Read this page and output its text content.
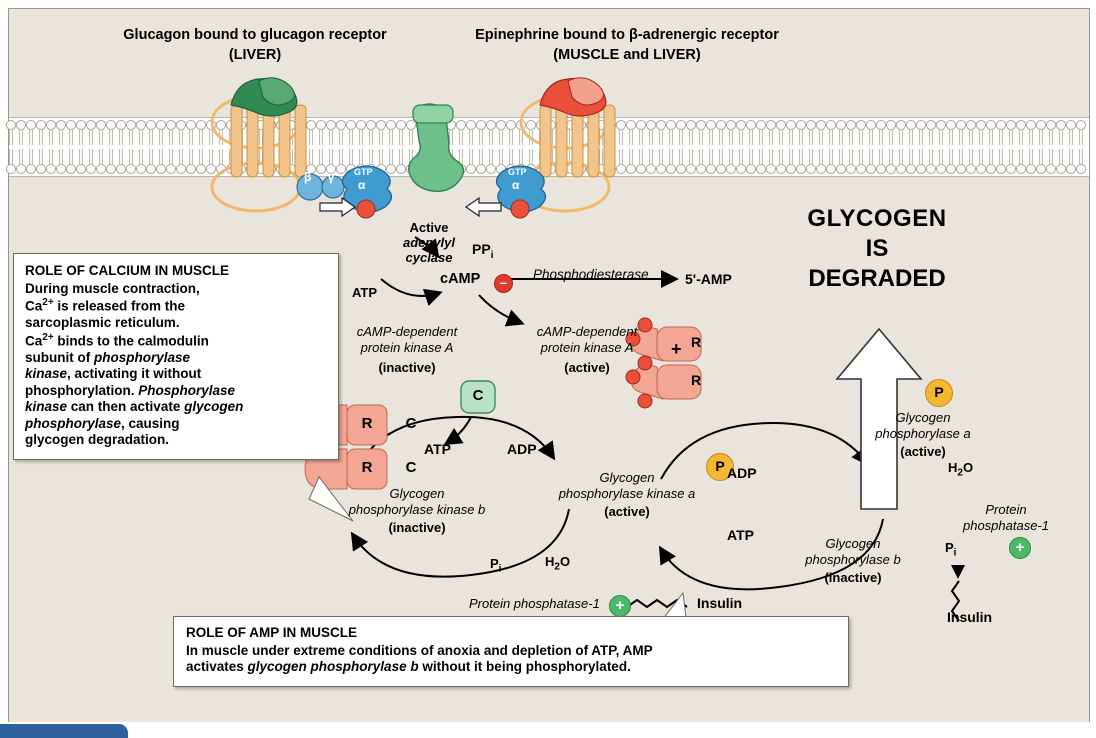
Glucagon bound to glucagon receptor
(LIVER)
Epinephrine bound to β-adrenergic receptor
(MUSCLE and LIVER)
β γ GTP
α
GTP
α
Active
adenylyl
cyclase
$PP_i$
ATP
cAMP	–
Phosphodiesterase	5'-AMP
cAMP-dependent
protein kinase A
(inactive)
cAMP-dependent
protein kinase A
(active)
+ R
R
R
R
C
C
C
ATP	ADP
Glycogen
phosphorylase kinase b
(inactive)
Glycogen
phosphorylase kinase a
(active)
P
$P_i$
$H_2O$
Protein phosphatase-1	+	Insulin
ADP
ATP
Glycogen
phosphorylase a
(active)
P
$H_2O$
Protein
phosphatase-1
+
$P_i$
Insulin
Glycogen
phosphorylase b
(inactive)
GLYCOGEN
IS
DEGRADED
ROLE OF CALCIUM IN MUSCLE
During muscle contraction,
$Ca^{2+}$ is released from the
sarcoplasmic reticulum.
$Ca^{2+}$ binds to the calmodulin
subunit of phosphorylase
kinase, activating it without
phosphorylation. Phosphorylase
kinase can then activate glycogen
phosphorylase, causing
glycogen degradation.
ROLE OF AMP IN MUSCLE
In muscle under extreme conditions of anoxia and depletion of ATP, AMP
activates glycogen phosphorylase b without it being phosphorylated.
